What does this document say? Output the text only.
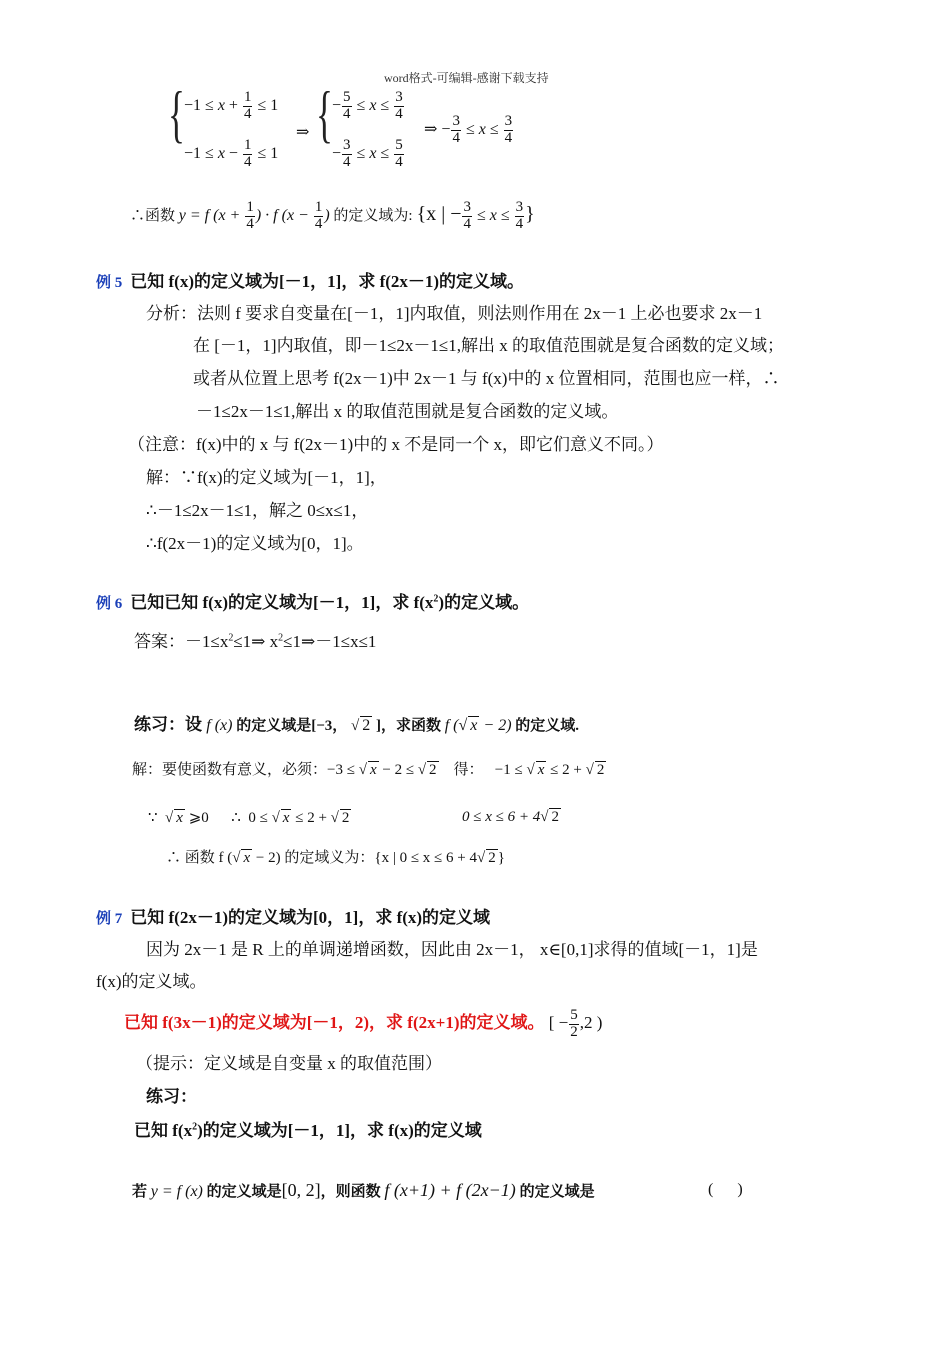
word格式-可编辑-感谢下载支持
{ $-1 \le x + \frac{1}{4} \le 1$
$-1 \le x - \frac{1}{4} \le 1$
⇒ { − $\frac{5}{4} \le x \le \frac{3}{4}$
− $\frac{3}{4} \le x \le \frac{5}{4}$
⇒ − $\frac{3}{4} \le x \le \frac{3}{4}$
∴函数 y = f ($x + \frac{1}{4}$ ) · f ($x - \frac{1}{4}$ ) 的定义域为: {x | − $\frac{3}{4} \le x \le \frac{3}{4}$ }
例 5 已知 f(x)的定义域为[－1，1]，求 f(2x－1)的定义域。
分析：法则 f 要求自变量在[－1，1]内取值，则法则作用在 2x－1 上必也要求 2x－1
在 [－1，1]内取值，即－1≤2x－1≤1,解出 x 的取值范围就是复合函数的定义域；
或者从位置上思考 f(2x－1)中 2x－1 与 f(x)中的 x 位置相同，范围也应一样，∴
－1≤2x－1≤1,解出 x 的取值范围就是复合函数的定义域。
（注意：f(x)中的 x 与 f(2x－1)中的 x 不是同一个 x，即它们意义不同。）
解：∵f(x)的定义域为[－1，1]，
∴－1≤2x－1≤1，解之 0≤x≤1，
∴f(2x－1)的定义域为[0，1]。
例 6 已知已知 f(x)的定义域为[－1，1]，求 $f(x^2)$的定义域。
答案：$-1\le x^2\le 1\Rightarrow$ $x^2\le 1\Rightarrow-1\le x\le 1$
练习：设 f (x) 的定义域是[−3， √ 2 ]，求函数 f (√ x − 2) 的定义域.
解：要使函数有意义，必须：−3 ≤ √ x − 2 ≤ √ 2    得：   −1 ≤ √ x ≤ 2 + √ 2
∵  √ x ⩾0      ∴  0 ≤ √ x ≤ 2 + √ 2	0 ≤ x ≤ 6 + 4√ 2
∴ 函数 f (√ x − 2) 的定域义为：{x | 0 ≤ x ≤ 6 + 4√ 2 }
例 7 已知 f(2x－1)的定义域为[0，1]，求 f(x)的定义域
因为 2x－1 是 R 上的单调递增函数，因此由 2x－1， x∈[0,1]求得的值域[－1，1]是
f(x)的定义域。
已知 f(3x－1)的定义域为[－1，2)，求 f(2x+1)的定义域。 [ − $\frac{5}{2} ,2$ )
（提示：定义域是自变量 x 的取值范围）
练习：
已知 $f(x^2)$的定义域为[－1，1]，求 f(x)的定义域
若 y = f (x) 的定义域是[0, 2]，则函数 f (x+1) + f (2x−1) 的定义域是	(      )
